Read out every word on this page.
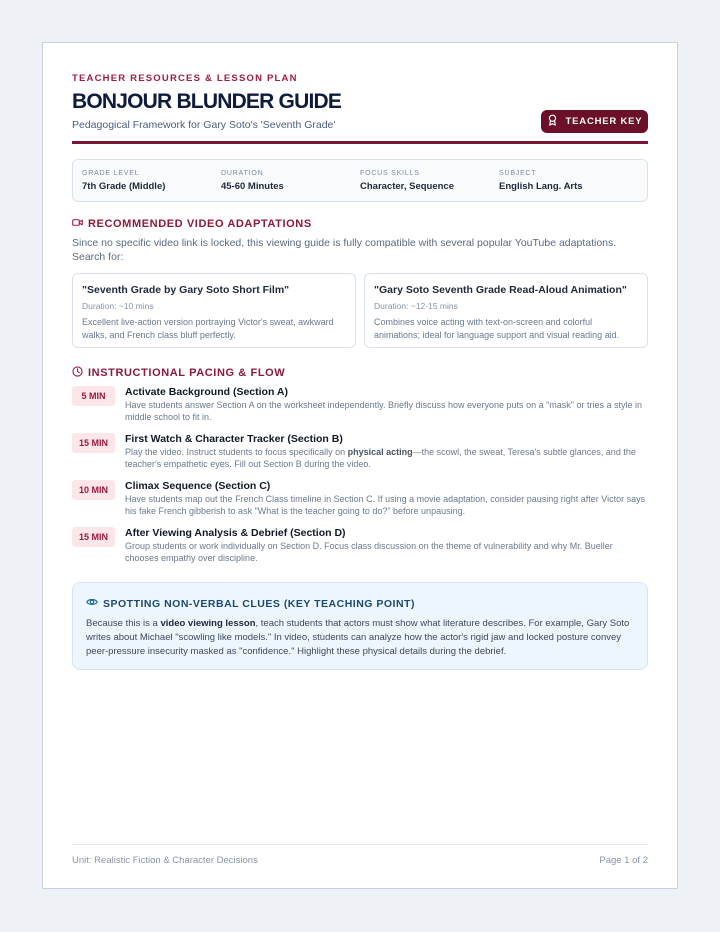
TEACHER RESOURCES & LESSON PLAN
BONJOUR BLUNDER GUIDE
Pedagogical Framework for Gary Soto's 'Seventh Grade'	TEACHER KEY
GRADE LEVEL
7th Grade (Middle)
DURATION
45-60 Minutes
FOCUS SKILLS
Character, Sequence
SUBJECT
English Lang. Arts
RECOMMENDED VIDEO ADAPTATIONS
Since no specific video link is locked, this viewing guide is fully compatible with several popular YouTube adaptations. Search for:
"Seventh Grade by Gary Soto Short Film"
Duration: ~10 mins
Excellent live-action version portraying Victor's sweat, awkward walks, and French class bluff perfectly.
"Gary Soto Seventh Grade Read-Aloud Animation"
Duration: ~12-15 mins
Combines voice acting with text-on-screen and colorful animations; ideal for language support and visual reading aid.
INSTRUCTIONAL PACING & FLOW
5 MIN	Activate Background (Section A)
Have students answer Section A on the worksheet independently. Briefly discuss how everyone puts on a "mask" or tries a style in middle school to fit in.
15 MIN	First Watch & Character Tracker (Section B)
Play the video. Instruct students to focus specifically on physical acting—the scowl, the sweat, Teresa's subtle glances, and the teacher's empathetic eyes. Fill out Section B during the video.
10 MIN	Climax Sequence (Section C)
Have students map out the French Class timeline in Section C. If using a movie adaptation, consider pausing right after Victor says his fake French gibberish to ask "What is the teacher going to do?" before unpausing.
15 MIN	After Viewing Analysis & Debrief (Section D)
Group students or work individually on Section D. Focus class discussion on the theme of vulnerability and why Mr. Bueller chooses empathy over discipline.
SPOTTING NON-VERBAL CLUES (KEY TEACHING POINT)
Because this is a video viewing lesson, teach students that actors must show what literature describes. For example, Gary Soto writes about Michael "scowling like models." In video, students can analyze how the actor's rigid jaw and locked posture convey peer-pressure insecurity masked as "confidence." Highlight these physical details during the debrief.
Unit: Realistic Fiction & Character Decisions	Page 1 of 2
